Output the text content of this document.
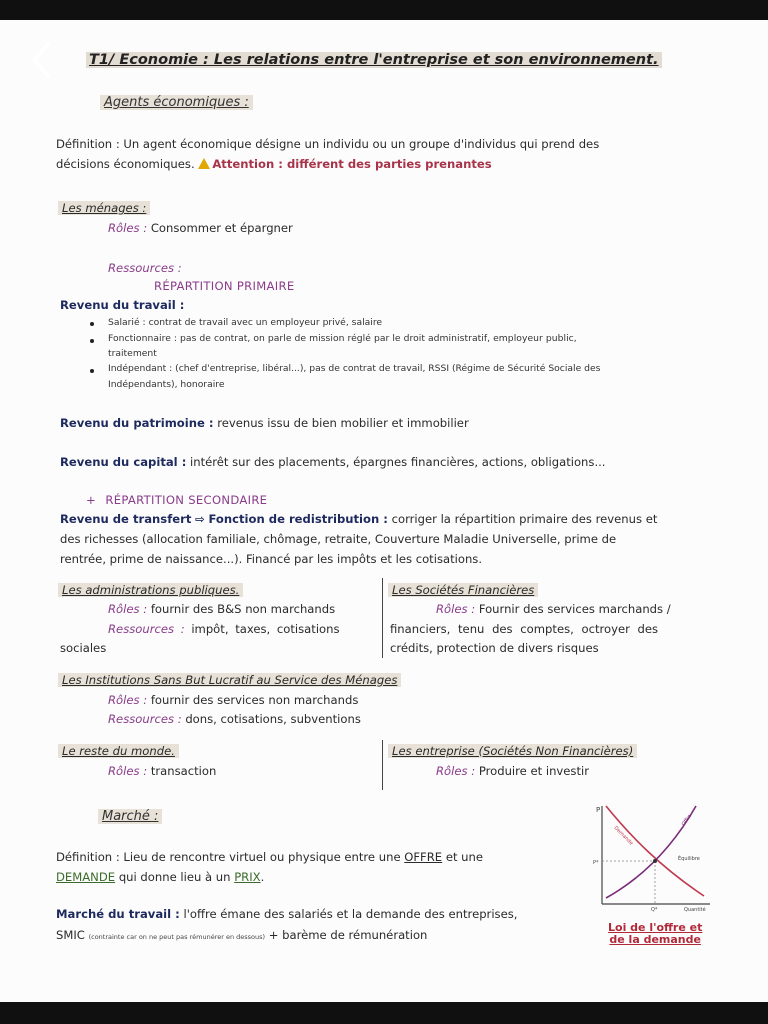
T1/ Economie : Les relations entre l'entreprise et son environnement.
Agents économiques :
Définition : Un agent économique désigne un individu ou un groupe d'individus qui prend des
décisions économiques. Attention : différent des parties prenantes
Les ménages :
Rôles : Consommer et épargner
Ressources :
RÉPARTITION PRIMAIRE
Revenu du travail :
Salarié : contrat de travail avec un employeur privé, salaire
Fonctionnaire : pas de contrat, on parle de mission réglé par le droit administratif, employeur public,
traitement
Indépendant : (chef d'entreprise, libéral...), pas de contrat de travail, RSSI (Régime de Sécurité Sociale des
Indépendants), honoraire
Revenu du patrimoine : revenus issu de bien mobilier et immobilier
Revenu du capital : intérêt sur des placements, épargnes financières, actions, obligations...
+ RÉPARTITION SECONDAIRE
Revenu de transfert ⇨ Fonction de redistribution : corriger la répartition primaire des revenus et
des richesses (allocation familiale, chômage, retraite, Couverture Maladie Universelle, prime de
rentrée, prime de naissance...). Financé par les impôts et les cotisations.
Les administrations publiques.
Rôles : fournir des B&S non marchands
Ressources : impôt, taxes, cotisations
sociales
Les Sociétés Financières
Rôles : Fournir des services marchands /
financiers, tenu des comptes, octroyer des
crédits, protection de divers risques
Les Institutions Sans But Lucratif au Service des Ménages
Rôles : fournir des services non marchands
Ressources : dons, cotisations, subventions
Le reste du monde.
Rôles : transaction
Les entreprise (Sociétés Non Financières)
Rôles : Produire et investir
Marché :
Définition : Lieu de rencontre virtuel ou physique entre une OFFRE et une
DEMANDE qui donne lieu à un PRIX.
Marché du travail : l'offre émane des salariés et la demande des entreprises,
SMIC (contrainte car on ne peut pas rémunérer en dessous) + barème de rémunération
P
Demande
Offre
Équilibre
P*
Q*	Quantité
Loi de l'offre et
de la demande
